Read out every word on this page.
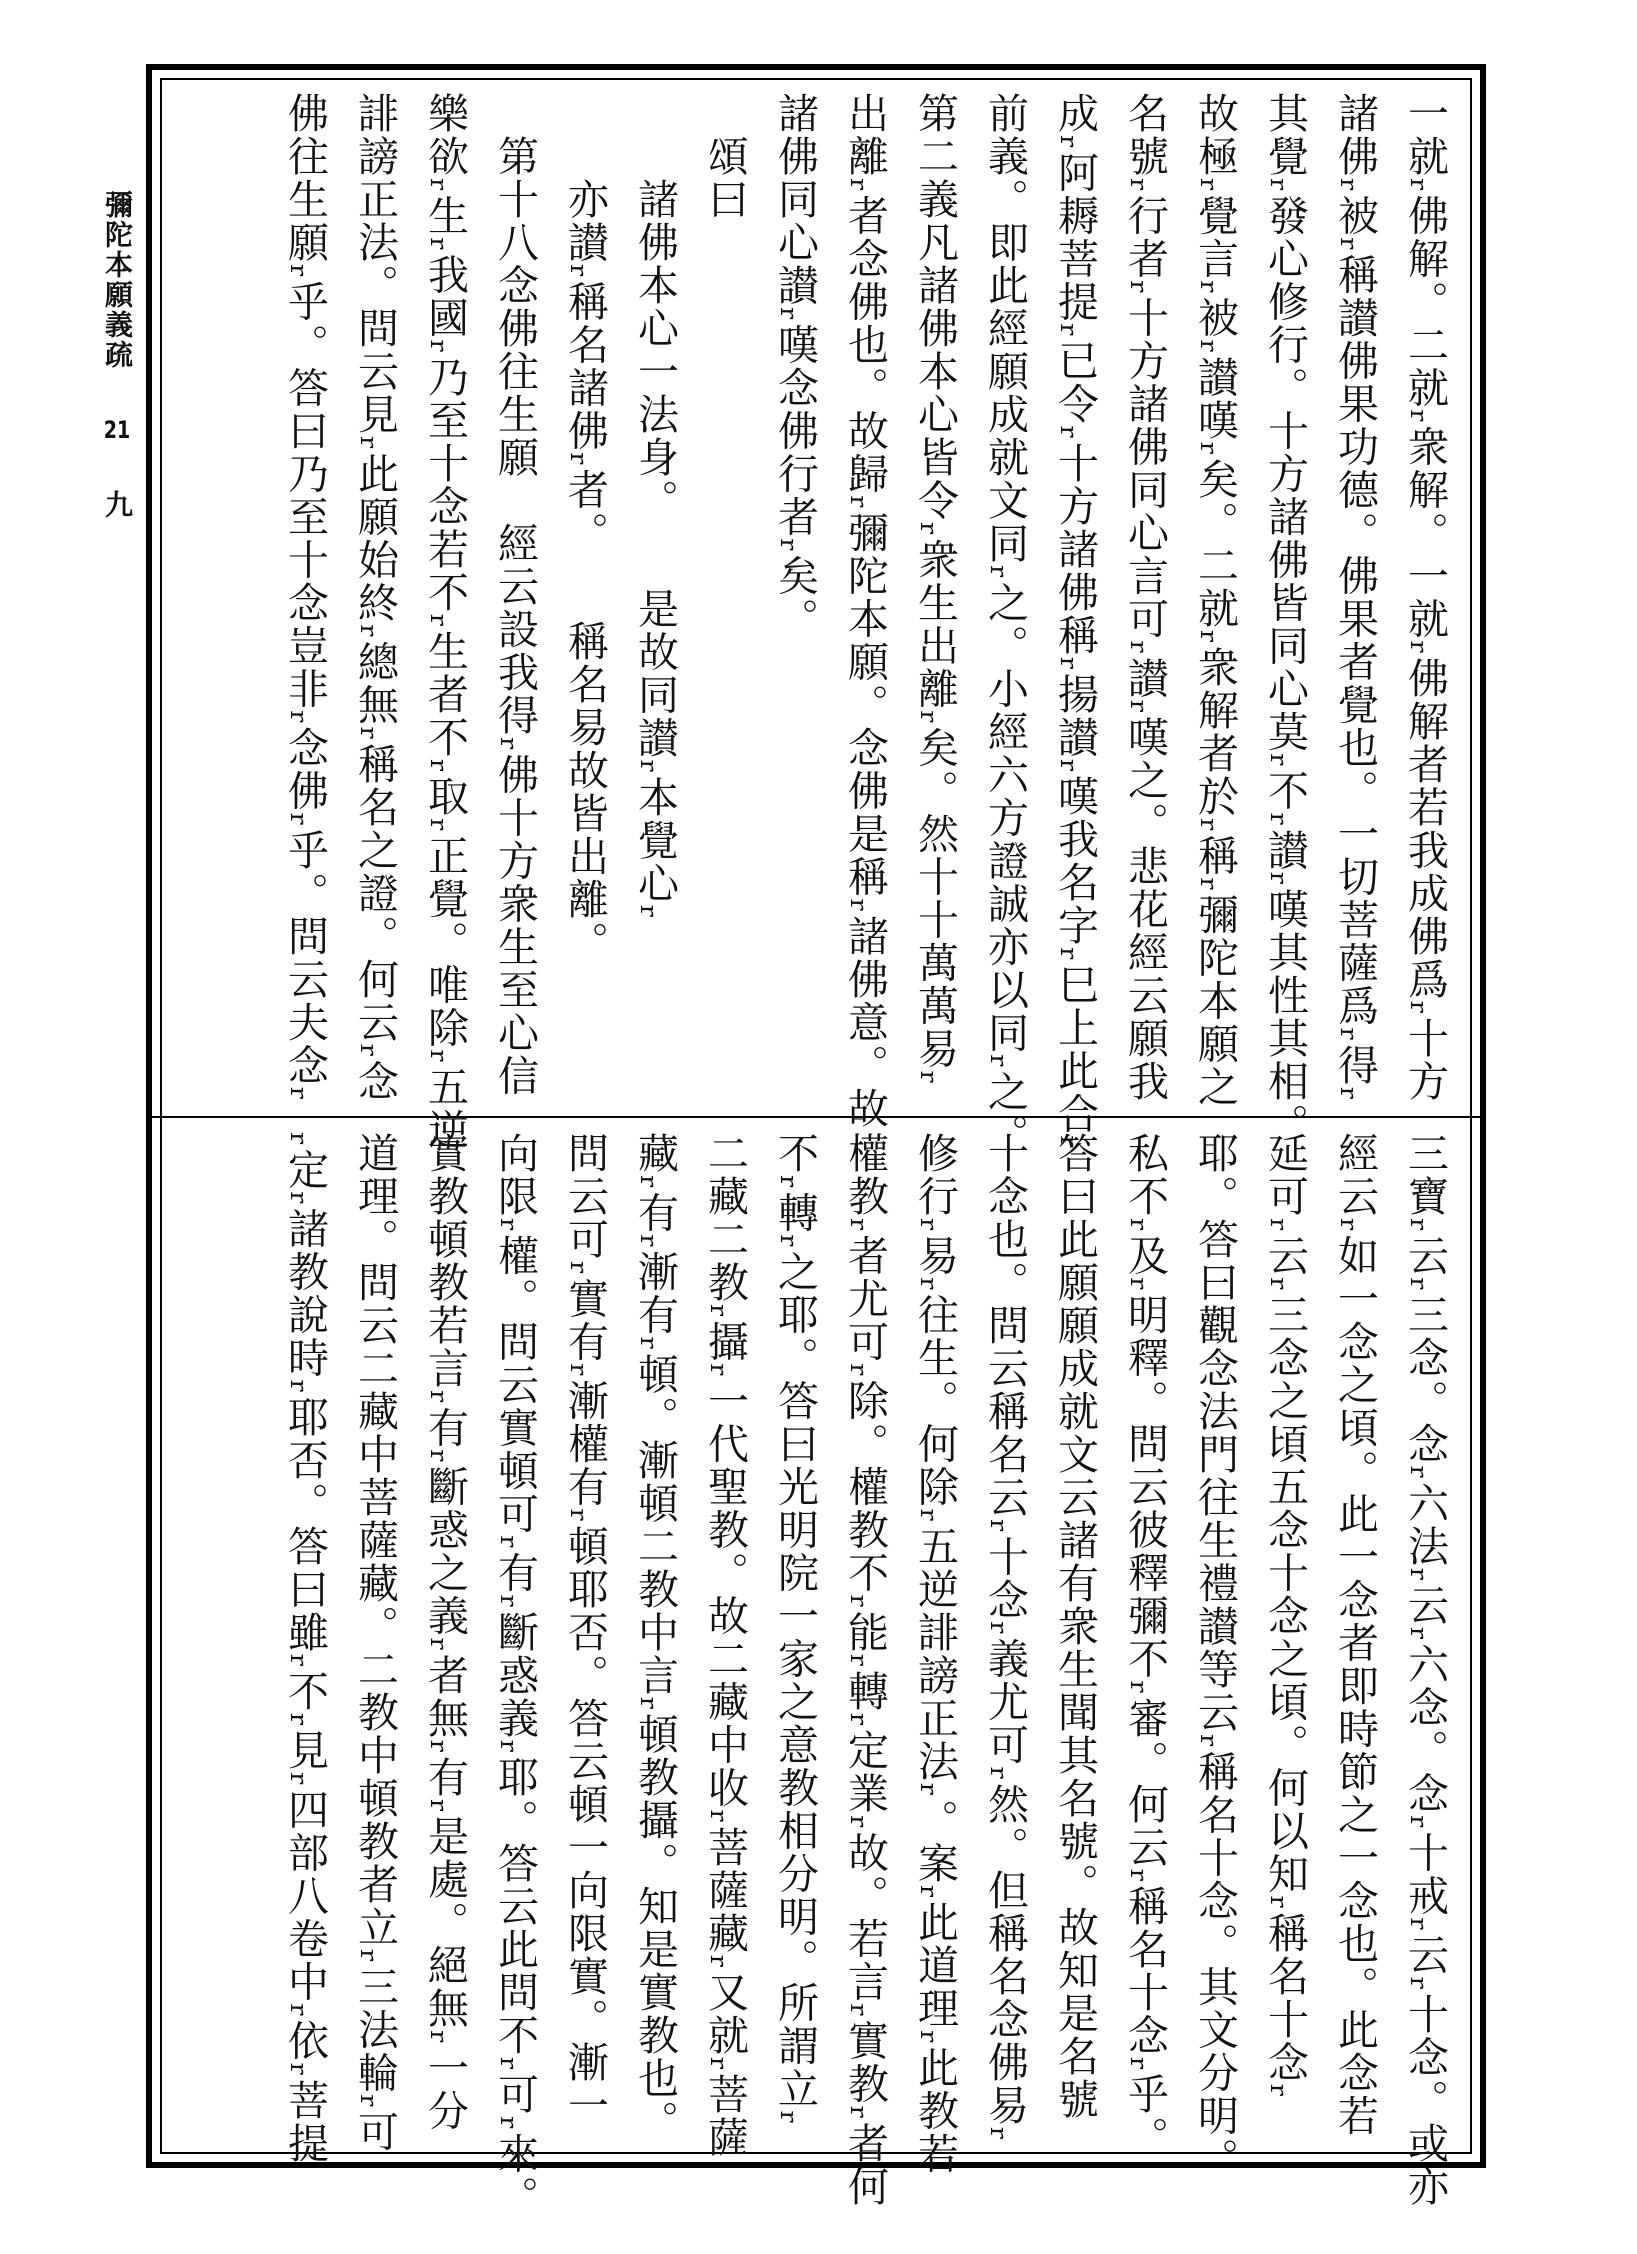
彌陀本願義疏21九	一就ᵣ佛解。二就ᵣ衆解。一就ᵣ佛解者若我成佛爲ᵣ十方

諸佛ᵣ被ᵣ稱讃佛果功德。佛果者覺也。一切菩薩爲ᵣ得ᵣ

其覺ᵣ發心修行。十方諸佛皆同心莫ᵣ不ᵣ讃ᵣ嘆其性其相。

故極ᵣ覺言ᵣ被ᵣ讃嘆ᵣ矣。二就ᵣ衆解者於ᵣ稱ᵣ彌陀本願之

名號ᵣ行者ᵣ十方諸佛同心言可ᵣ讃ᵣ嘆之。悲花經云願我

成ᵣ阿耨菩提ᵣ已令ᵣ十方諸佛稱ᵣ揚讃ᵣ嘆我名字ᵣ巳上此合ᵣ

前義。即此經願成就文同ᵣ之。小經六方證誠亦以同ᵣ之。

第二義凡諸佛本心皆令ᵣ衆生出離ᵣ矣。然十十萬萬易ᵣ

出離ᵣ者念佛也。故歸ᵣ彌陀本願。念佛是稱ᵣ諸佛意。故

諸佛同心讃ᵣ嘆念佛行者ᵣ矣。

　頌曰

　　諸佛本心一法身。　　是故同讃ᵣ本覺心ᵣ

　　亦讃ᵣ稱名諸佛ᵣ者。　　稱名易故皆出離。

　第十八念佛往生願　經云設我得ᵣ佛十方衆生至心信

樂欲ᵣ生ᵣ我國ᵣ乃至十念若不ᵣ生者不ᵣ取ᵣ正覺。唯除ᵣ五逆

誹謗正法。問云見ᵣ此願始終ᵣ總無ᵣ稱名之證。何云ᵣ念

佛往生願ᵣ乎。答曰乃至十念豈非ᵣ念佛ᵣ乎。問云夫念ᵣ

三寶ᵣ云ᵣ三念。念ᵣ六法ᵣ云ᵣ六念。念ᵣ十戒ᵣ云ᵣ十念。或亦

經云ᵣ如一念之頃。此一念者即時節之一念也。此念若

延可ᵣ云ᵣ三念之頃五念十念之頃。何以知ᵣ稱名十念ᵣ

耶。答曰觀念法門往生禮讃等云ᵣ稱名十念。其文分明。

私不ᵣ及ᵣ明釋。問云彼釋彌不ᵣ審。何云ᵣ稱名十念ᵣ乎。

答曰此願願成就文云諸有衆生聞其名號。故知是名號

十念也。問云稱名云ᵣ十念ᵣ義尤可ᵣ然。但稱名念佛易ᵣ

修行ᵣ易ᵣ往生。何除ᵣ五逆誹謗正法ᵣ。案ᵣ此道理ᵣ此教若

權教ᵣ者尤可ᵣ除。權教不ᵣ能ᵣ轉ᵣ定業ᵣ故。若言ᵣ實教ᵣ者何

不ᵣ轉ᵣ之耶。答曰光明院一家之意教相分明。所謂立ᵣ

二藏二教ᵣ攝ᵣ一代聖教。故二藏中收ᵣ菩薩藏ᵣ又就ᵣ菩薩

藏ᵣ有ᵣ漸有ᵣ頓。漸頓二教中言ᵣ頓教攝。知是實教也。

問云可ᵣ實有ᵣ漸權有ᵣ頓耶否。答云頓一向限實。漸一

向限ᵣ權。問云實頓可ᵣ有ᵣ斷惑義ᵣ耶。答云此問不ᵣ可ᵣ來。

實教頓教若言ᵣ有ᵣ斷惑之義ᵣ者無ᵣ有ᵣ是處。絕無ᵣ一分

道理。問云二藏中菩薩藏。二教中頓教者立ᵣ三法輪ᵣ可

ᵣ定ᵣ諸教說時ᵣ耶否。答曰雖ᵣ不ᵣ見ᵣ四部八卷中ᵣ依ᵣ菩提
